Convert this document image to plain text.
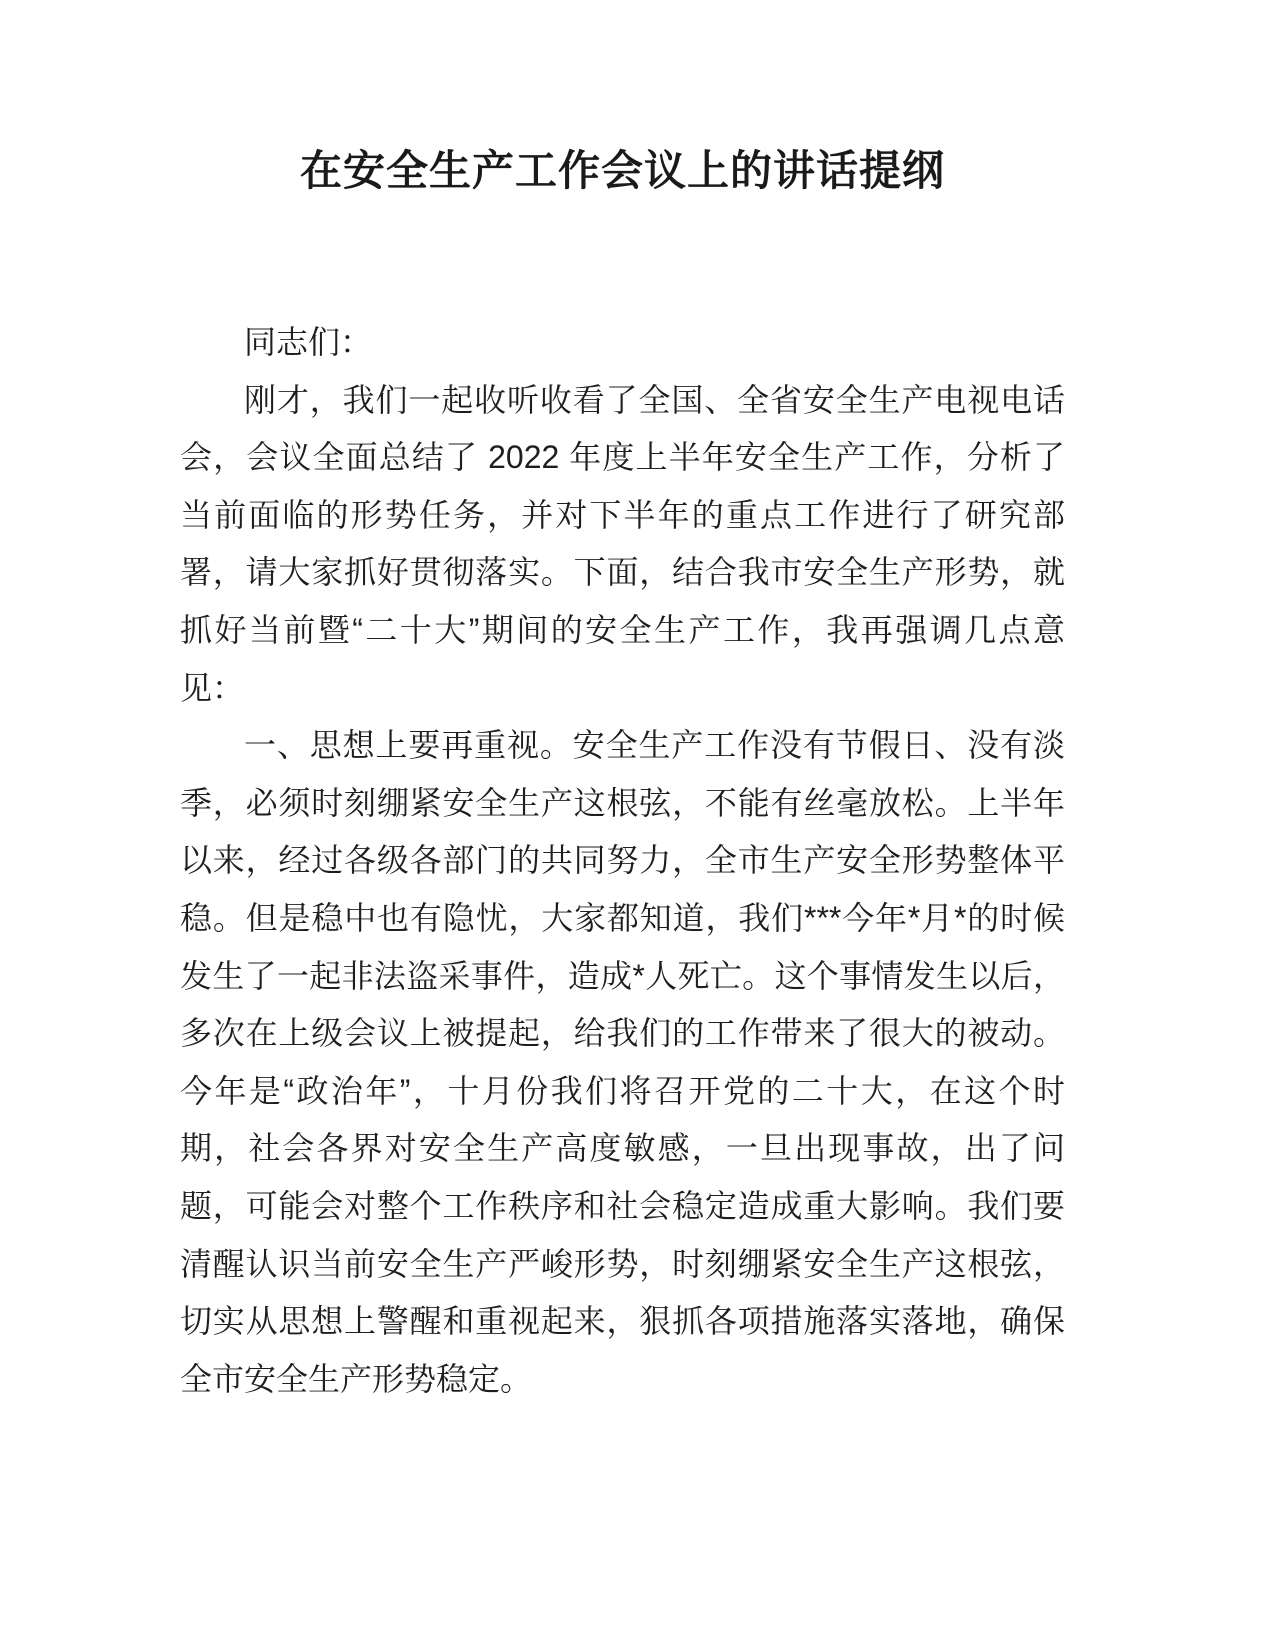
在安全生产工作会议上的讲话提纲

同志们：

刚才，我们一起收听收看了全国、全省安全生产电视电话会，会议全面总结了 2022 年度上半年安全生产工作，分析了当前面临的形势任务，并对下半年的重点工作进行了研究部署，请大家抓好贯彻落实。下面，结合我市安全生产形势，就抓好当前暨“二十大”期间的安全生产工作，我再强调几点意见：

一、思想上要再重视。安全生产工作没有节假日、没有淡季，必须时刻绷紧安全生产这根弦，不能有丝毫放松。上半年以来，经过各级各部门的共同努力，全市生产安全形势整体平稳。但是稳中也有隐忧，大家都知道，我们***今年*月*的时候发生了一起非法盗采事件，造成*人死亡。这个事情发生以后，多次在上级会议上被提起，给我们的工作带来了很大的被动。今年是“政治年”，十月份我们将召开党的二十大，在这个时期，社会各界对安全生产高度敏感，一旦出现事故，出了问题，可能会对整个工作秩序和社会稳定造成重大影响。我们要清醒认识当前安全生产严峻形势，时刻绷紧安全生产这根弦，切实从思想上警醒和重视起来，狠抓各项措施落实落地，确保全市安全生产形势稳定。
